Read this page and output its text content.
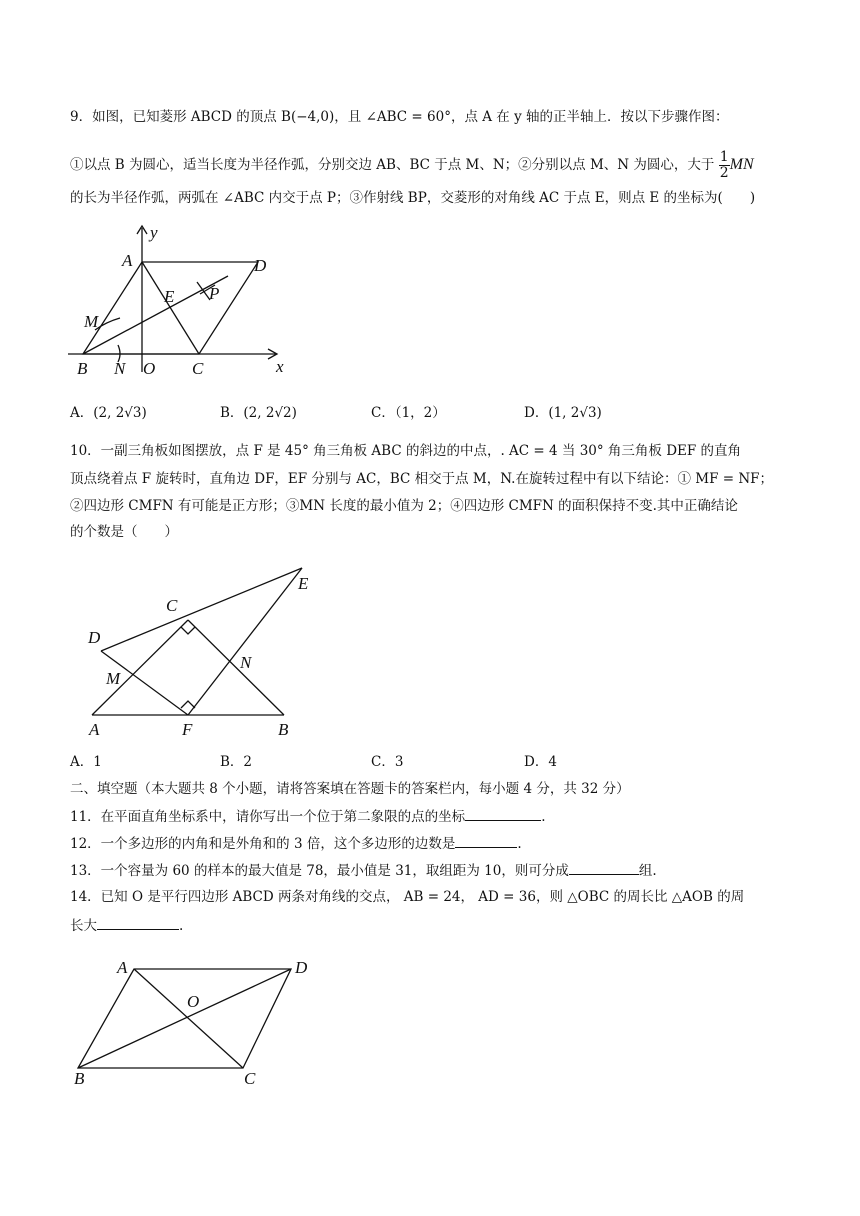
9．如图，已知菱形 ABCD 的顶点 B(−4,0)，且 ∠ABC = 60°，点 A 在 y 轴的正半轴上．按以下步骤作图：
①以点 B 为圆心，适当长度为半径作弧，分别交边 AB、BC 于点 M、N；②分别以点 M、N 为圆心，大于 $\frac{1}{2}$ MN
的长为半径作弧，两弧在 ∠ABC 内交于点 P；③作射线 BP，交菱形的对角线 AC 于点 E，则点 E 的坐标为(　　)
A	D
E P
M
B N O C	x
y
A．(2, 2√3)	B．(2, 2√2)	C．（1，2）	D．(1, 2√3)
10．一副三角板如图摆放，点 F 是 45° 角三角板 ABC 的斜边的中点，. AC = 4 当 30° 角三角板 DEF 的直角
顶点绕着点 F 旋转时，直角边 DF，EF 分别与 AC，BC 相交于点 M，N.在旋转过程中有以下结论：① MF = NF；
②四边形 CMFN 有可能是正方形；③MN 长度的最小值为 2；④四边形 CMFN 的面积保持不变.其中正确结论
的个数是（　　）
D
C
E
M
N
A	F	B
A．1	B．2	C．3	D．4
二、填空题（本大题共 8 个小题，请将答案填在答题卡的答案栏内，每小题 4 分，共 32 分）
11．在平面直角坐标系中，请你写出一个位于第二象限的点的坐标	.
12．一个多边形的内角和是外角和的 3 倍，这个多边形的边数是	.
13．一个容量为 60 的样本的最大值是 78，最小值是 31，取组距为 10，则可分成	组.
14．已知 O 是平行四边形 ABCD 两条对角线的交点， AB = 24， AD = 36，则 △OBC 的周长比 △AOB 的周
长大	.
A	D
O
B	C
